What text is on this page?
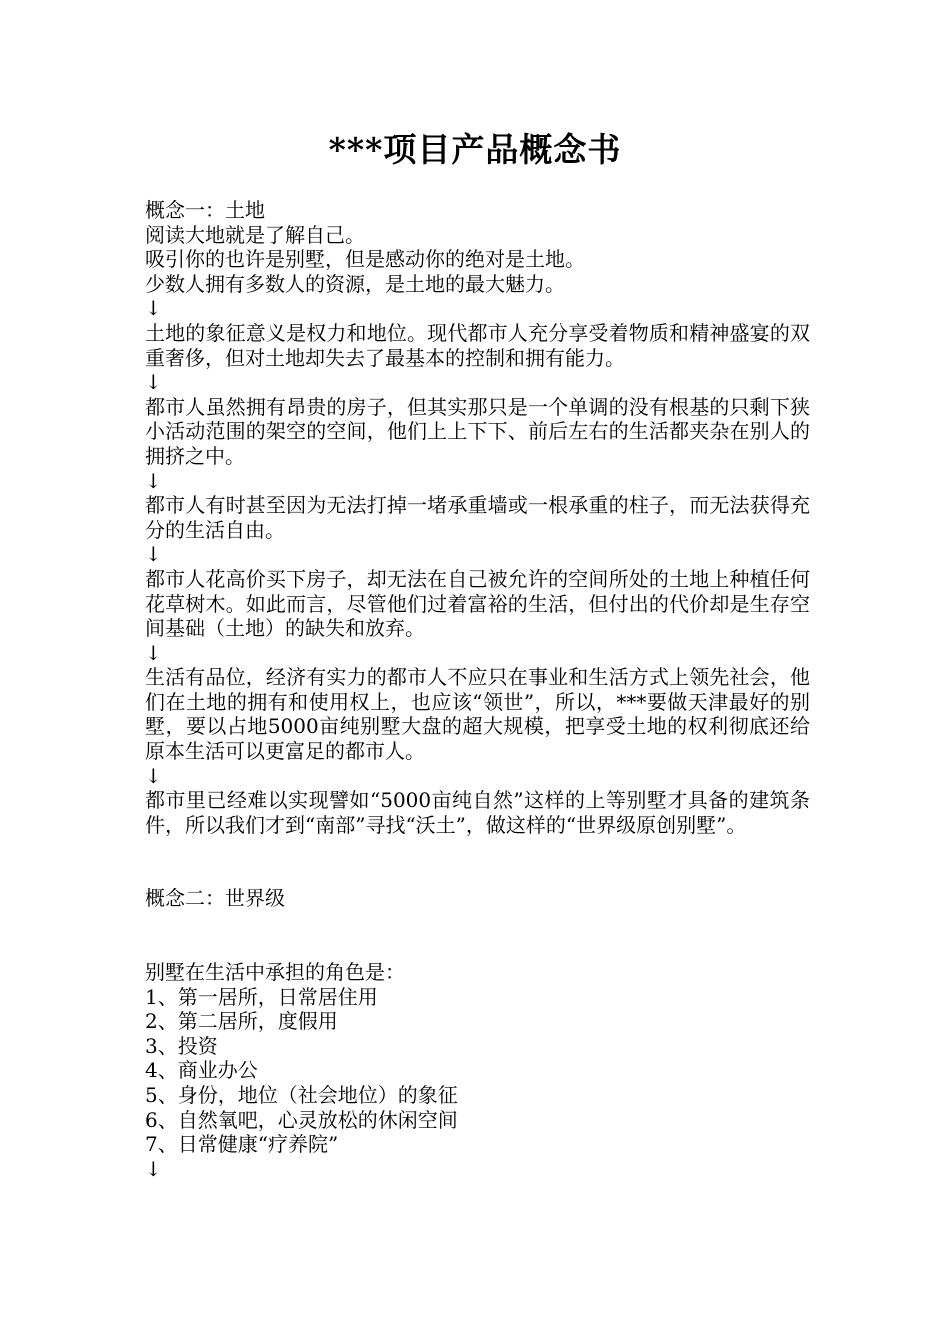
***项目产品概念书

概念一：土地

阅读大地就是了解自己。

吸引你的也许是别墅，但是感动你的绝对是土地。

少数人拥有多数人的资源，是土地的最大魅力。

↓

土地的象征意义是权力和地位。现代都市人充分享受着物质和精神盛宴的双重奢侈，但对土地却失去了最基本的控制和拥有能力。

↓

都市人虽然拥有昂贵的房子，但其实那只是一个单调的没有根基的只剩下狭小活动范围的架空的空间，他们上上下下、前后左右的生活都夹杂在别人的拥挤之中。

↓

都市人有时甚至因为无法打掉一堵承重墙或一根承重的柱子，而无法获得充分的生活自由。

↓

都市人花高价买下房子，却无法在自己被允许的空间所处的土地上种植任何花草树木。如此而言，尽管他们过着富裕的生活，但付出的代价却是生存空间基础（土地）的缺失和放弃。

↓

生活有品位，经济有实力的都市人不应只在事业和生活方式上领先社会，他们在土地的拥有和使用权上，也应该“领世”，所以，***要做天津最好的别墅，要以占地5000亩纯别墅大盘的超大规模，把享受土地的权利彻底还给原本生活可以更富足的都市人。

↓

都市里已经难以实现譬如“5000亩纯自然”这样的上等别墅才具备的建筑条件，所以我们才到“南部”寻找“沃土”，做这样的“世界级原创别墅”。

概念二：世界级

别墅在生活中承担的角色是：

1、第一居所，日常居住用

2、第二居所，度假用

3、投资

4、商业办公

5、身份，地位（社会地位）的象征

6、自然氧吧，心灵放松的休闲空间

7、日常健康“疗养院”

↓
